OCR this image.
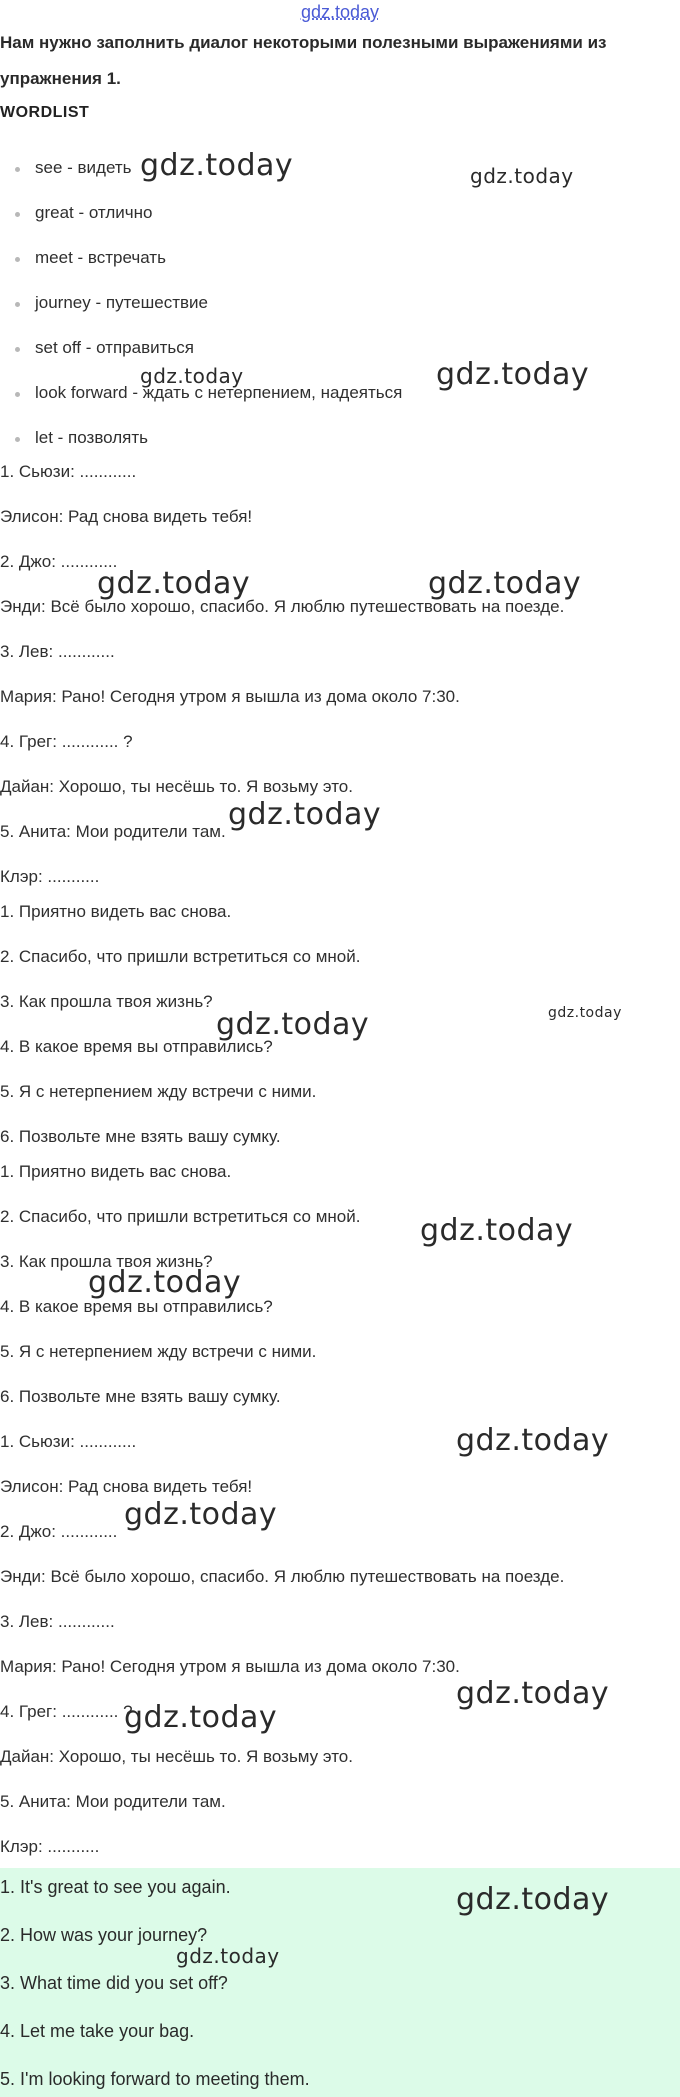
gdz.today
Нам нужно заполнить диалог некоторыми полезными выражениями из
упражнения 1.
WORDLIST
see - видеть
great - отлично
meet - встречать
journey - путешествие
set off - отправиться
look forward - ждать с нетерпением, надеяться
let - позволять
1. Сьюзи: ............
Элисон: Рад снова видеть тебя!
2. Джо: ............
Энди: Всё было хорошо, спасибо. Я люблю путешествовать на поезде.
3. Лев: ............
Мария: Рано! Сегодня утром я вышла из дома около 7:30.
4. Грег: ............ ?
Дайан: Хорошо, ты несёшь то. Я возьму это.
5. Анита: Мои родители там.
Клэр: ...........
1. Приятно видеть вас снова.
2. Спасибо, что пришли встретиться со мной.
3. Как прошла твоя жизнь?
4. В какое время вы отправились?
5. Я с нетерпением жду встречи с ними.
6. Позвольте мне взять вашу сумку.
1. Приятно видеть вас снова.
2. Спасибо, что пришли встретиться со мной.
3. Как прошла твоя жизнь?
4. В какое время вы отправились?
5. Я с нетерпением жду встречи с ними.
6. Позвольте мне взять вашу сумку.
1. Сьюзи: ............
Элисон: Рад снова видеть тебя!
2. Джо: ............
Энди: Всё было хорошо, спасибо. Я люблю путешествовать на поезде.
3. Лев: ............
Мария: Рано! Сегодня утром я вышла из дома около 7:30.
4. Грег: ............ ?
Дайан: Хорошо, ты несёшь то. Я возьму это.
5. Анита: Мои родители там.
Клэр: ...........
1. It's great to see you again.
2. How was your journey?
3. What time did you set off?
4. Let me take your bag.
5. I'm looking forward to meeting them.
gdz.today	gdz.today
gdz.today	gdz.today
gdz.today	gdz.today
gdz.today
gdz.today	gdz.today
gdz.today
gdz.today
gdz.today
gdz.today
gdz.today
gdz.today
gdz.today
gdz.today
